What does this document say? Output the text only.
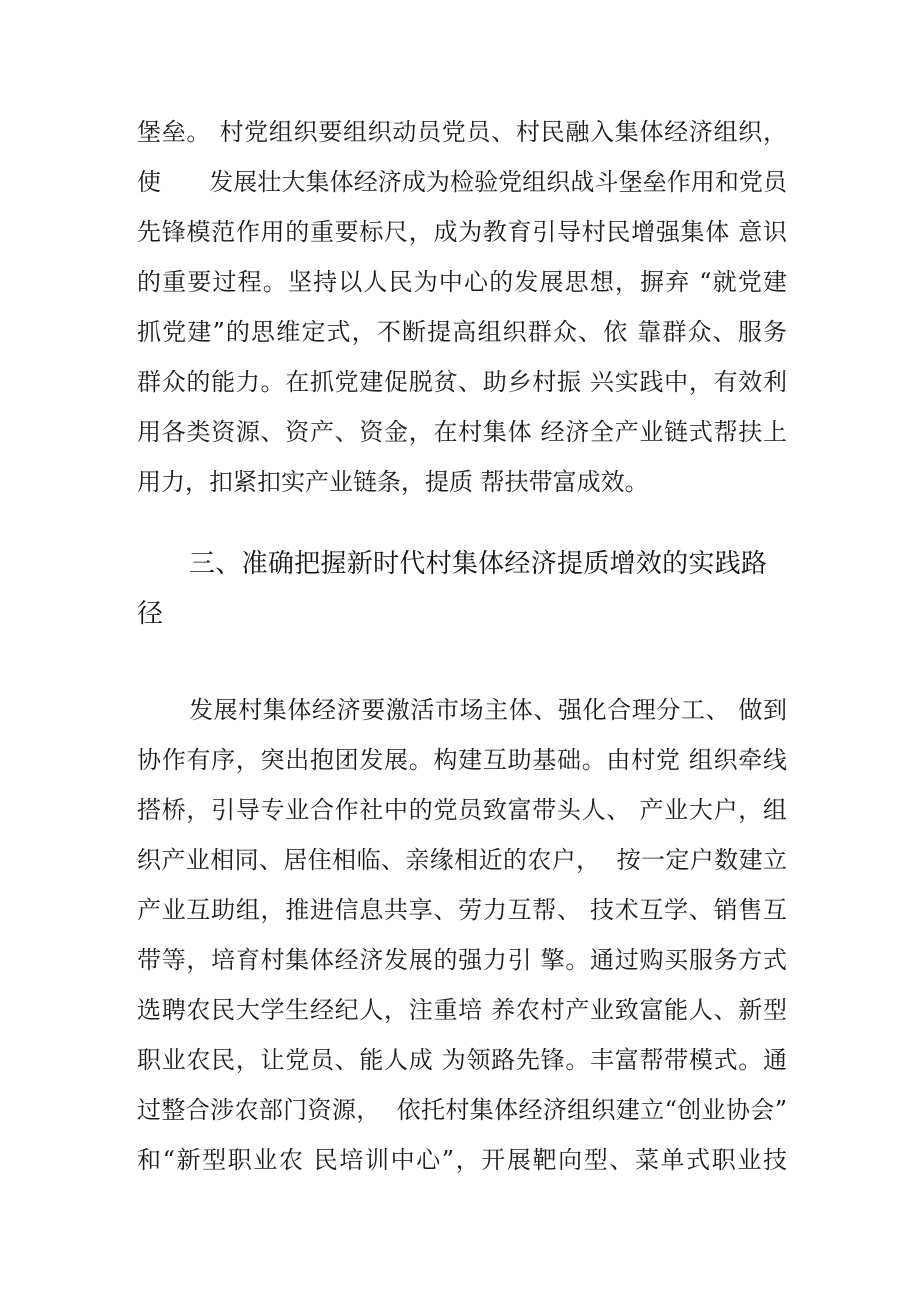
堡垒。 村党组织要组织动员党员、村民融入集体经济组织，
使　　发展壮大集体经济成为检验党组织战斗堡垒作用和党员
先锋模范作用的重要标尺，成为教育引导村民增强集体 意识
的重要过程。坚持以人民为中心的发展思想，摒弃 “就党建
抓党建”的思维定式，不断提高组织群众、依 靠群众、服务
群众的能力。在抓党建促脱贫、助乡村振 兴实践中，有效利
用各类资源、资产、资金，在村集体 经济全产业链式帮扶上
用力，扣紧扣实产业链条，提质 帮扶带富成效。
三、准确把握新时代村集体经济提质增效的实践路
径
发展村集体经济要激活市场主体、强化合理分工、 做到
协作有序，突出抱团发展。构建互助基础。由村党 组织牵线
搭桥，引导专业合作社中的党员致富带头人、 产业大户，组
织产业相同、居住相临、亲缘相近的农户，  按一定户数建立
产业互助组，推进信息共享、劳力互帮、 技术互学、销售互
带等，培育村集体经济发展的强力引 擎。通过购买服务方式
选聘农民大学生经纪人，注重培 养农村产业致富能人、新型
职业农民，让党员、能人成 为领路先锋。丰富帮带模式。通
过整合涉农部门资源，  依托村集体经济组织建立“创业协会”
和“新型职业农 民培训中心”，开展靶向型、菜单式职业技
